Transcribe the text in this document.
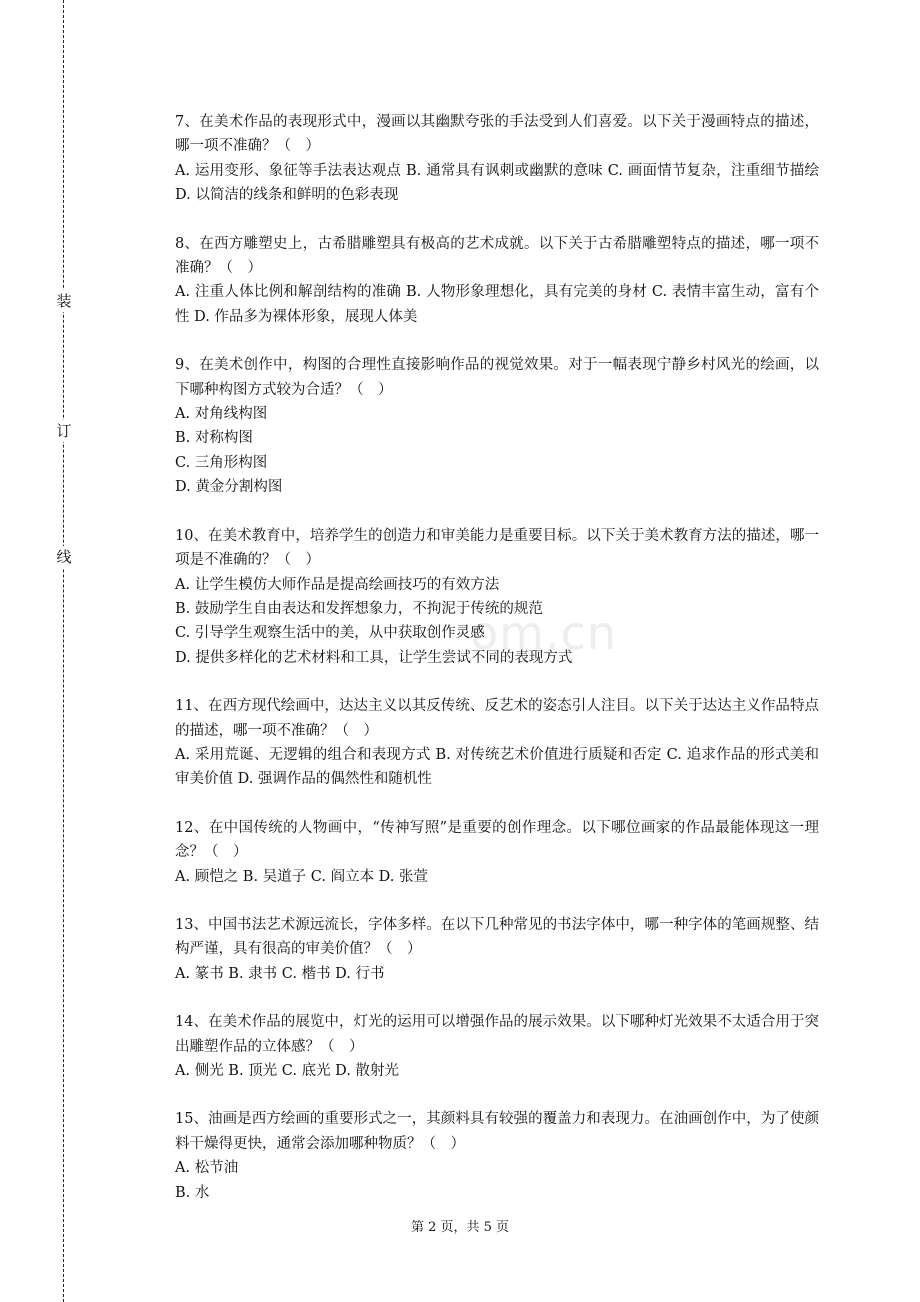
装
订
线
om.cn

7、在美术作品的表现形式中，漫画以其幽默夸张的手法受到人们喜爱。以下关于漫画特点的描述，哪一项不准确？（　）

A. 运用变形、象征等手法表达观点 B. 通常具有讽刺或幽默的意味 C. 画面情节复杂，注重细节描绘 D. 以简洁的线条和鲜明的色彩表现

8、在西方雕塑史上，古希腊雕塑具有极高的艺术成就。以下关于古希腊雕塑特点的描述，哪一项不准确？（　）

A. 注重人体比例和解剖结构的准确 B. 人物形象理想化，具有完美的身材 C. 表情丰富生动，富有个性 D. 作品多为裸体形象，展现人体美

9、在美术创作中，构图的合理性直接影响作品的视觉效果。对于一幅表现宁静乡村风光的绘画，以下哪种构图方式较为合适？（　）

A. 对角线构图

B. 对称构图

C. 三角形构图

D. 黄金分割构图

10、在美术教育中，培养学生的创造力和审美能力是重要目标。以下关于美术教育方法的描述，哪一项是不准确的？（　）

A. 让学生模仿大师作品是提高绘画技巧的有效方法

B. 鼓励学生自由表达和发挥想象力，不拘泥于传统的规范

C. 引导学生观察生活中的美，从中获取创作灵感

D. 提供多样化的艺术材料和工具，让学生尝试不同的表现方式

11、在西方现代绘画中，达达主义以其反传统、反艺术的姿态引人注目。以下关于达达主义作品特点的描述，哪一项不准确？（　）

A. 采用荒诞、无逻辑的组合和表现方式 B. 对传统艺术价值进行质疑和否定 C. 追求作品的形式美和审美价值 D. 强调作品的偶然性和随机性

12、在中国传统的人物画中，“传神写照”是重要的创作理念。以下哪位画家的作品最能体现这一理念？（　）

A. 顾恺之 B. 吴道子 C. 阎立本 D. 张萱

13、中国书法艺术源远流长，字体多样。在以下几种常见的书法字体中，哪一种字体的笔画规整、结构严谨，具有很高的审美价值？（　）

A. 篆书 B. 隶书 C. 楷书 D. 行书

14、在美术作品的展览中，灯光的运用可以增强作品的展示效果。以下哪种灯光效果不太适合用于突出雕塑作品的立体感？（　）

A. 侧光 B. 顶光 C. 底光 D. 散射光

15、油画是西方绘画的重要形式之一，其颜料具有较强的覆盖力和表现力。在油画创作中，为了使颜料干燥得更快，通常会添加哪种物质？（　）

A. 松节油

B. 水

第 2 页，共 5 页
